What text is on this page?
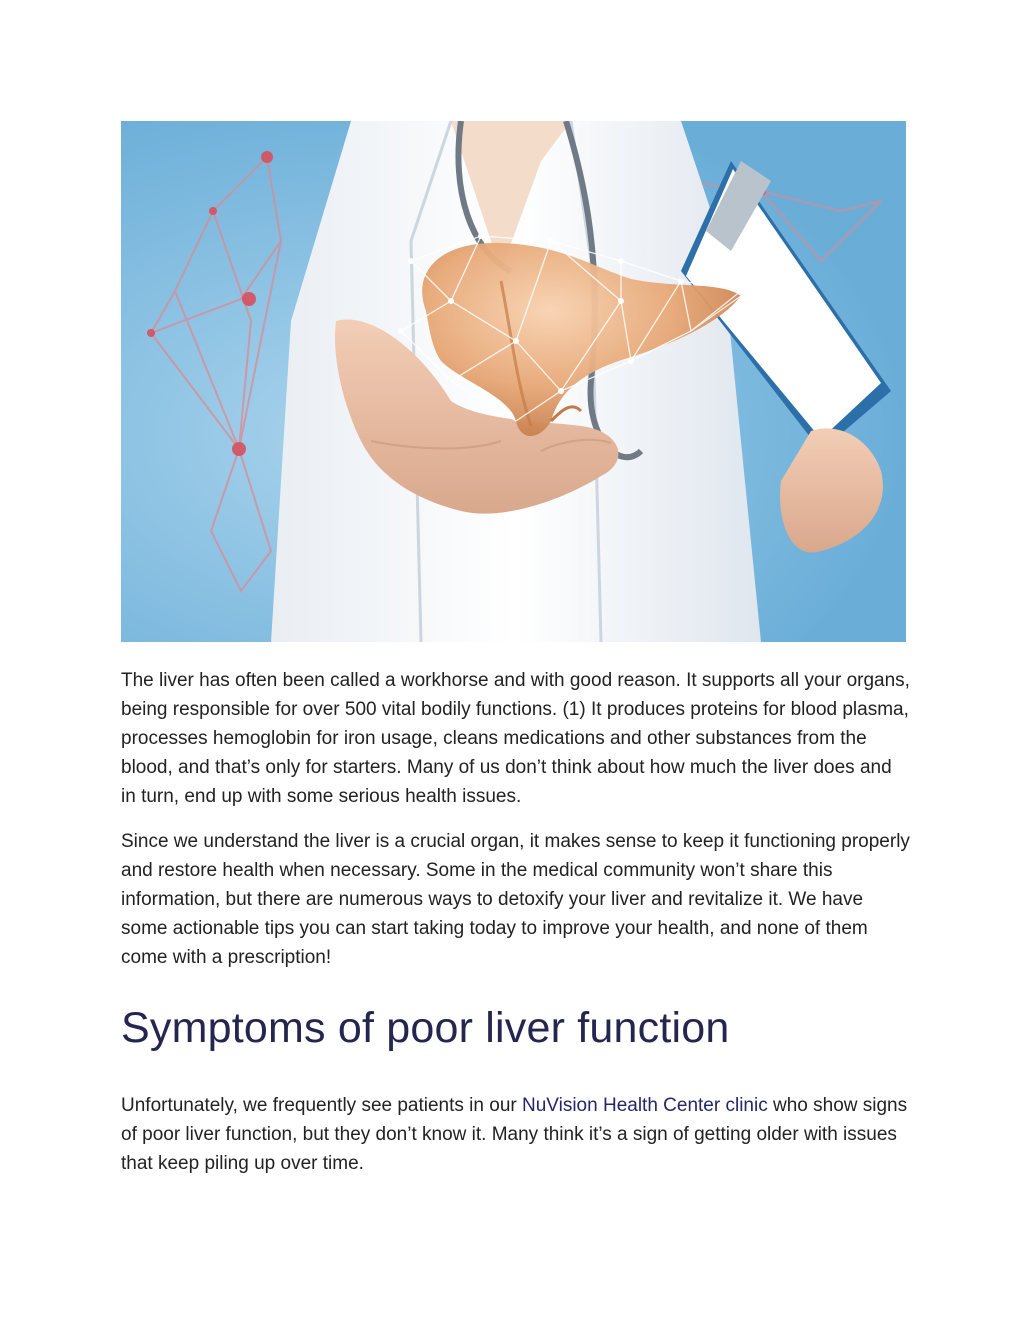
The liver has often been called a workhorse and with good reason. It supports all your organs, being responsible for over 500 vital bodily functions. (1) It produces proteins for blood plasma, processes hemoglobin for iron usage, cleans medications and other substances from the blood, and that’s only for starters. Many of us don’t think about how much the liver does and in turn, end up with some serious health issues.

Since we understand the liver is a crucial organ, it makes sense to keep it functioning properly and restore health when necessary. Some in the medical community won’t share this information, but there are numerous ways to detoxify your liver and revitalize it. We have some actionable tips you can start taking today to improve your health, and none of them come with a prescription!

Symptoms of poor liver function

Unfortunately, we frequently see patients in our NuVision Health Center clinic who show signs of poor liver function, but they don’t know it. Many think it’s a sign of getting older with issues that keep piling up over time.
